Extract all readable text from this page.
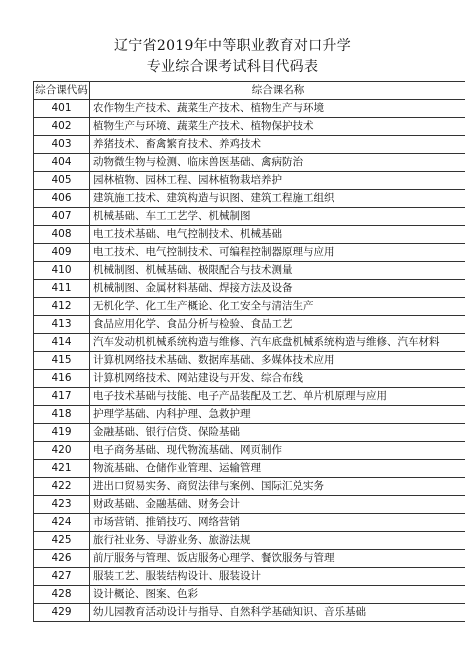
辽宁省2019年中等职业教育对口升学
专业综合课考试科目代码表
综合课代码	综合课名称
401	农作物生产技术、蔬菜生产技术、植物生产与环境
402	植物生产与环境、蔬菜生产技术、植物保护技术
403	养猪技术、畜禽繁育技术、养鸡技术
404	动物微生物与检测、临床兽医基础、禽病防治
405	园林植物、园林工程、园林植物栽培养护
406	建筑施工技术、建筑构造与识图、建筑工程施工组织
407	机械基础、车工工艺学、机械制图
408	电工技术基础、电气控制技术、机械基础
409	电工技术、电气控制技术、可编程控制器原理与应用
410	机械制图、机械基础、极限配合与技术测量
411	机械制图、金属材料基础、焊接方法及设备
412	无机化学、化工生产概论、化工安全与清洁生产
413	食品应用化学、食品分析与检验、食品工艺
414	汽车发动机机械系统构造与维修、汽车底盘机械系统构造与维修、汽车材料
415	计算机网络技术基础、数据库基础、多媒体技术应用
416	计算机网络技术、网站建设与开发、综合布线
417	电子技术基础与技能、电子产品装配及工艺、单片机原理与应用
418	护理学基础、内科护理、急救护理
419	金融基础、银行信贷、保险基础
420	电子商务基础、现代物流基础、网页制作
421	物流基础、仓储作业管理、运输管理
422	进出口贸易实务、商贸法律与案例、国际汇兑实务
423	财政基础、金融基础、财务会计
424	市场营销、推销技巧、网络营销
425	旅行社业务、导游业务、旅游法规
426	前厅服务与管理、饭店服务心理学、餐饮服务与管理
427	服装工艺、服装结构设计、服装设计
428	设计概论、图案、色彩
429	幼儿园教育活动设计与指导、自然科学基础知识、音乐基础
